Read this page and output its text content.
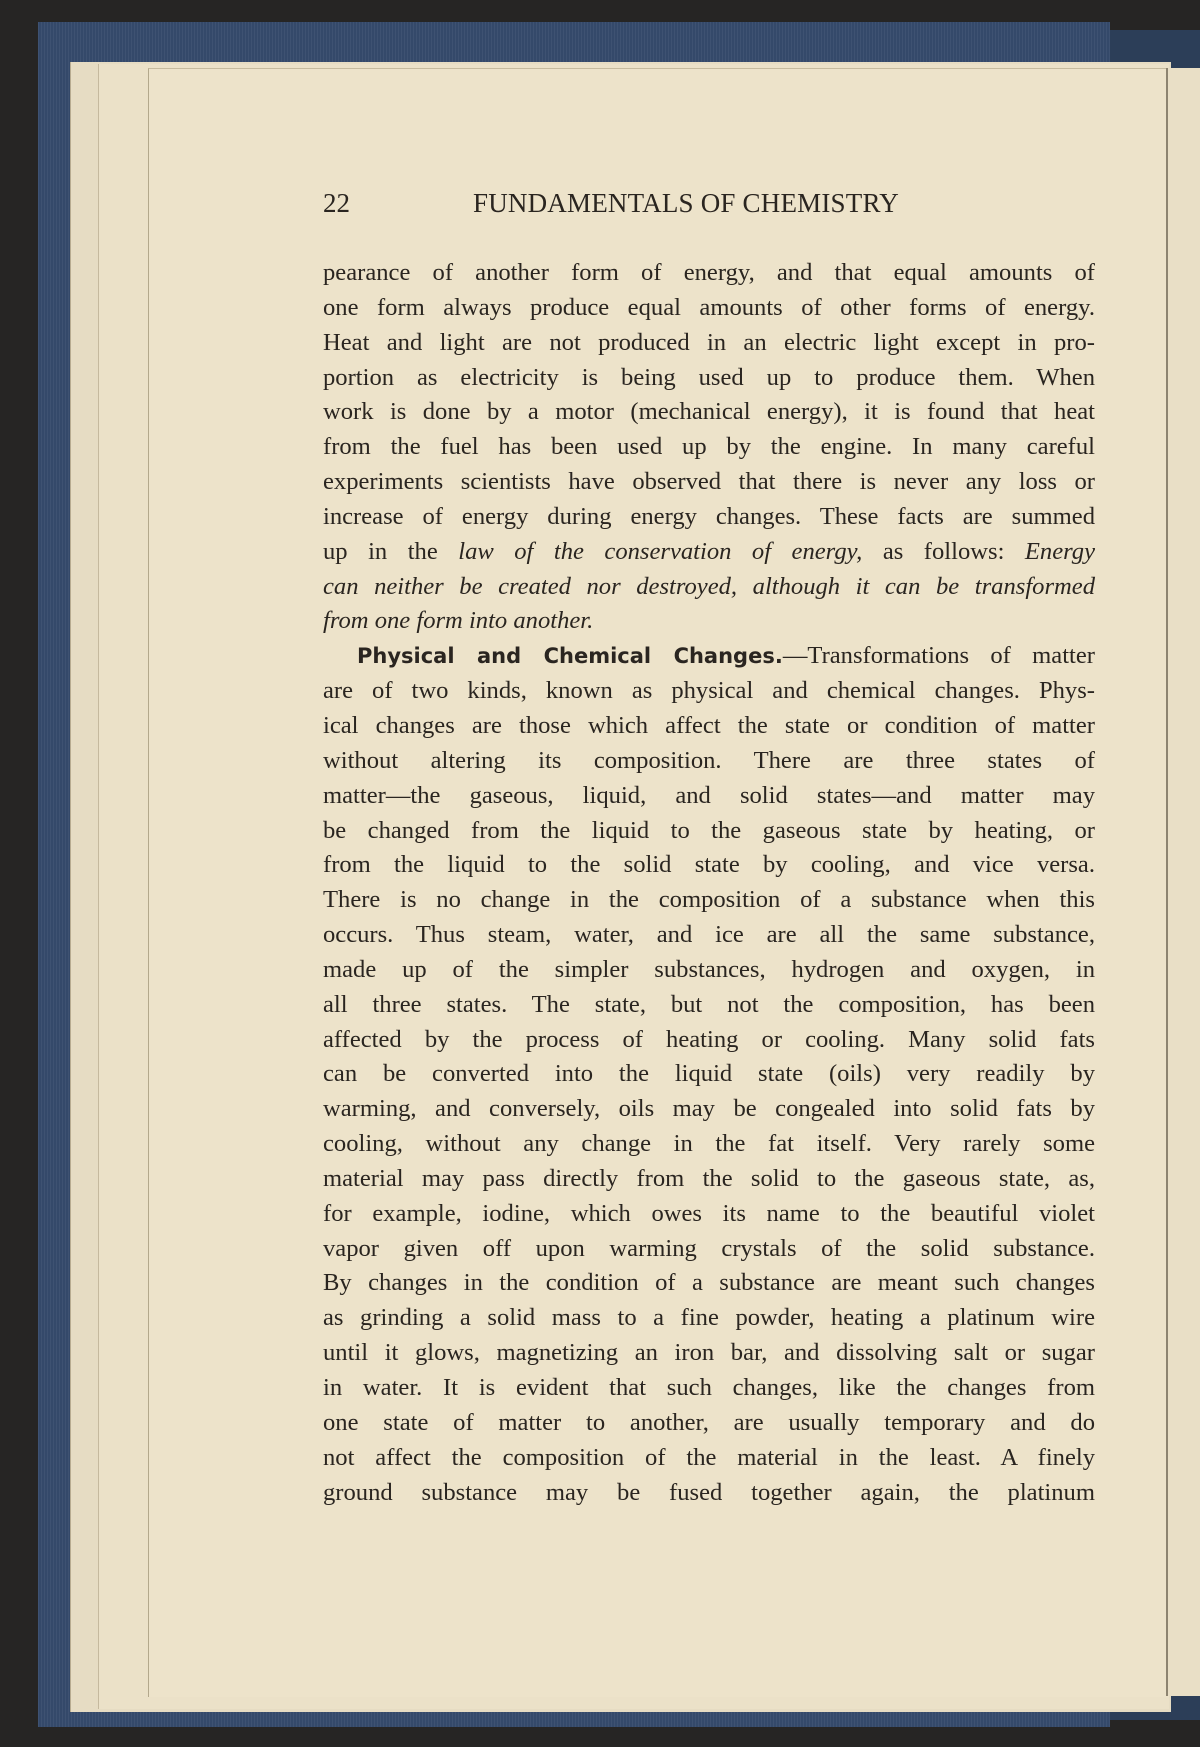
22	FUNDAMENTALS OF CHEMISTRY
pearance of another form of energy, and that equal amounts of
one form always produce equal amounts of other forms of energy.
Heat and light are not produced in an electric light except in pro-
portion as electricity is being used up to produce them. When
work is done by a motor (mechanical energy), it is found that heat
from the fuel has been used up by the engine. In many careful
experiments scientists have observed that there is never any loss or
increase of energy during energy changes. These facts are summed
up in the law of the conservation of energy, as follows: Energy
can neither be created nor destroyed, although it can be transformed
from one form into another.
Physical and Chemical Changes.—Transformations of matter
are of two kinds, known as physical and chemical changes. Phys-
ical changes are those which affect the state or condition of matter
without altering its composition. There are three states of
matter—the gaseous, liquid, and solid states—and matter may
be changed from the liquid to the gaseous state by heating, or
from the liquid to the solid state by cooling, and vice versa.
There is no change in the composition of a substance when this
occurs. Thus steam, water, and ice are all the same substance,
made up of the simpler substances, hydrogen and oxygen, in
all three states. The state, but not the composition, has been
affected by the process of heating or cooling. Many solid fats
can be converted into the liquid state (oils) very readily by
warming, and conversely, oils may be congealed into solid fats by
cooling, without any change in the fat itself. Very rarely some
material may pass directly from the solid to the gaseous state, as,
for example, iodine, which owes its name to the beautiful violet
vapor given off upon warming crystals of the solid substance.
By changes in the condition of a substance are meant such changes
as grinding a solid mass to a fine powder, heating a platinum wire
until it glows, magnetizing an iron bar, and dissolving salt or sugar
in water. It is evident that such changes, like the changes from
one state of matter to another, are usually temporary and do
not affect the composition of the material in the least. A finely
ground substance may be fused together again, the platinum
